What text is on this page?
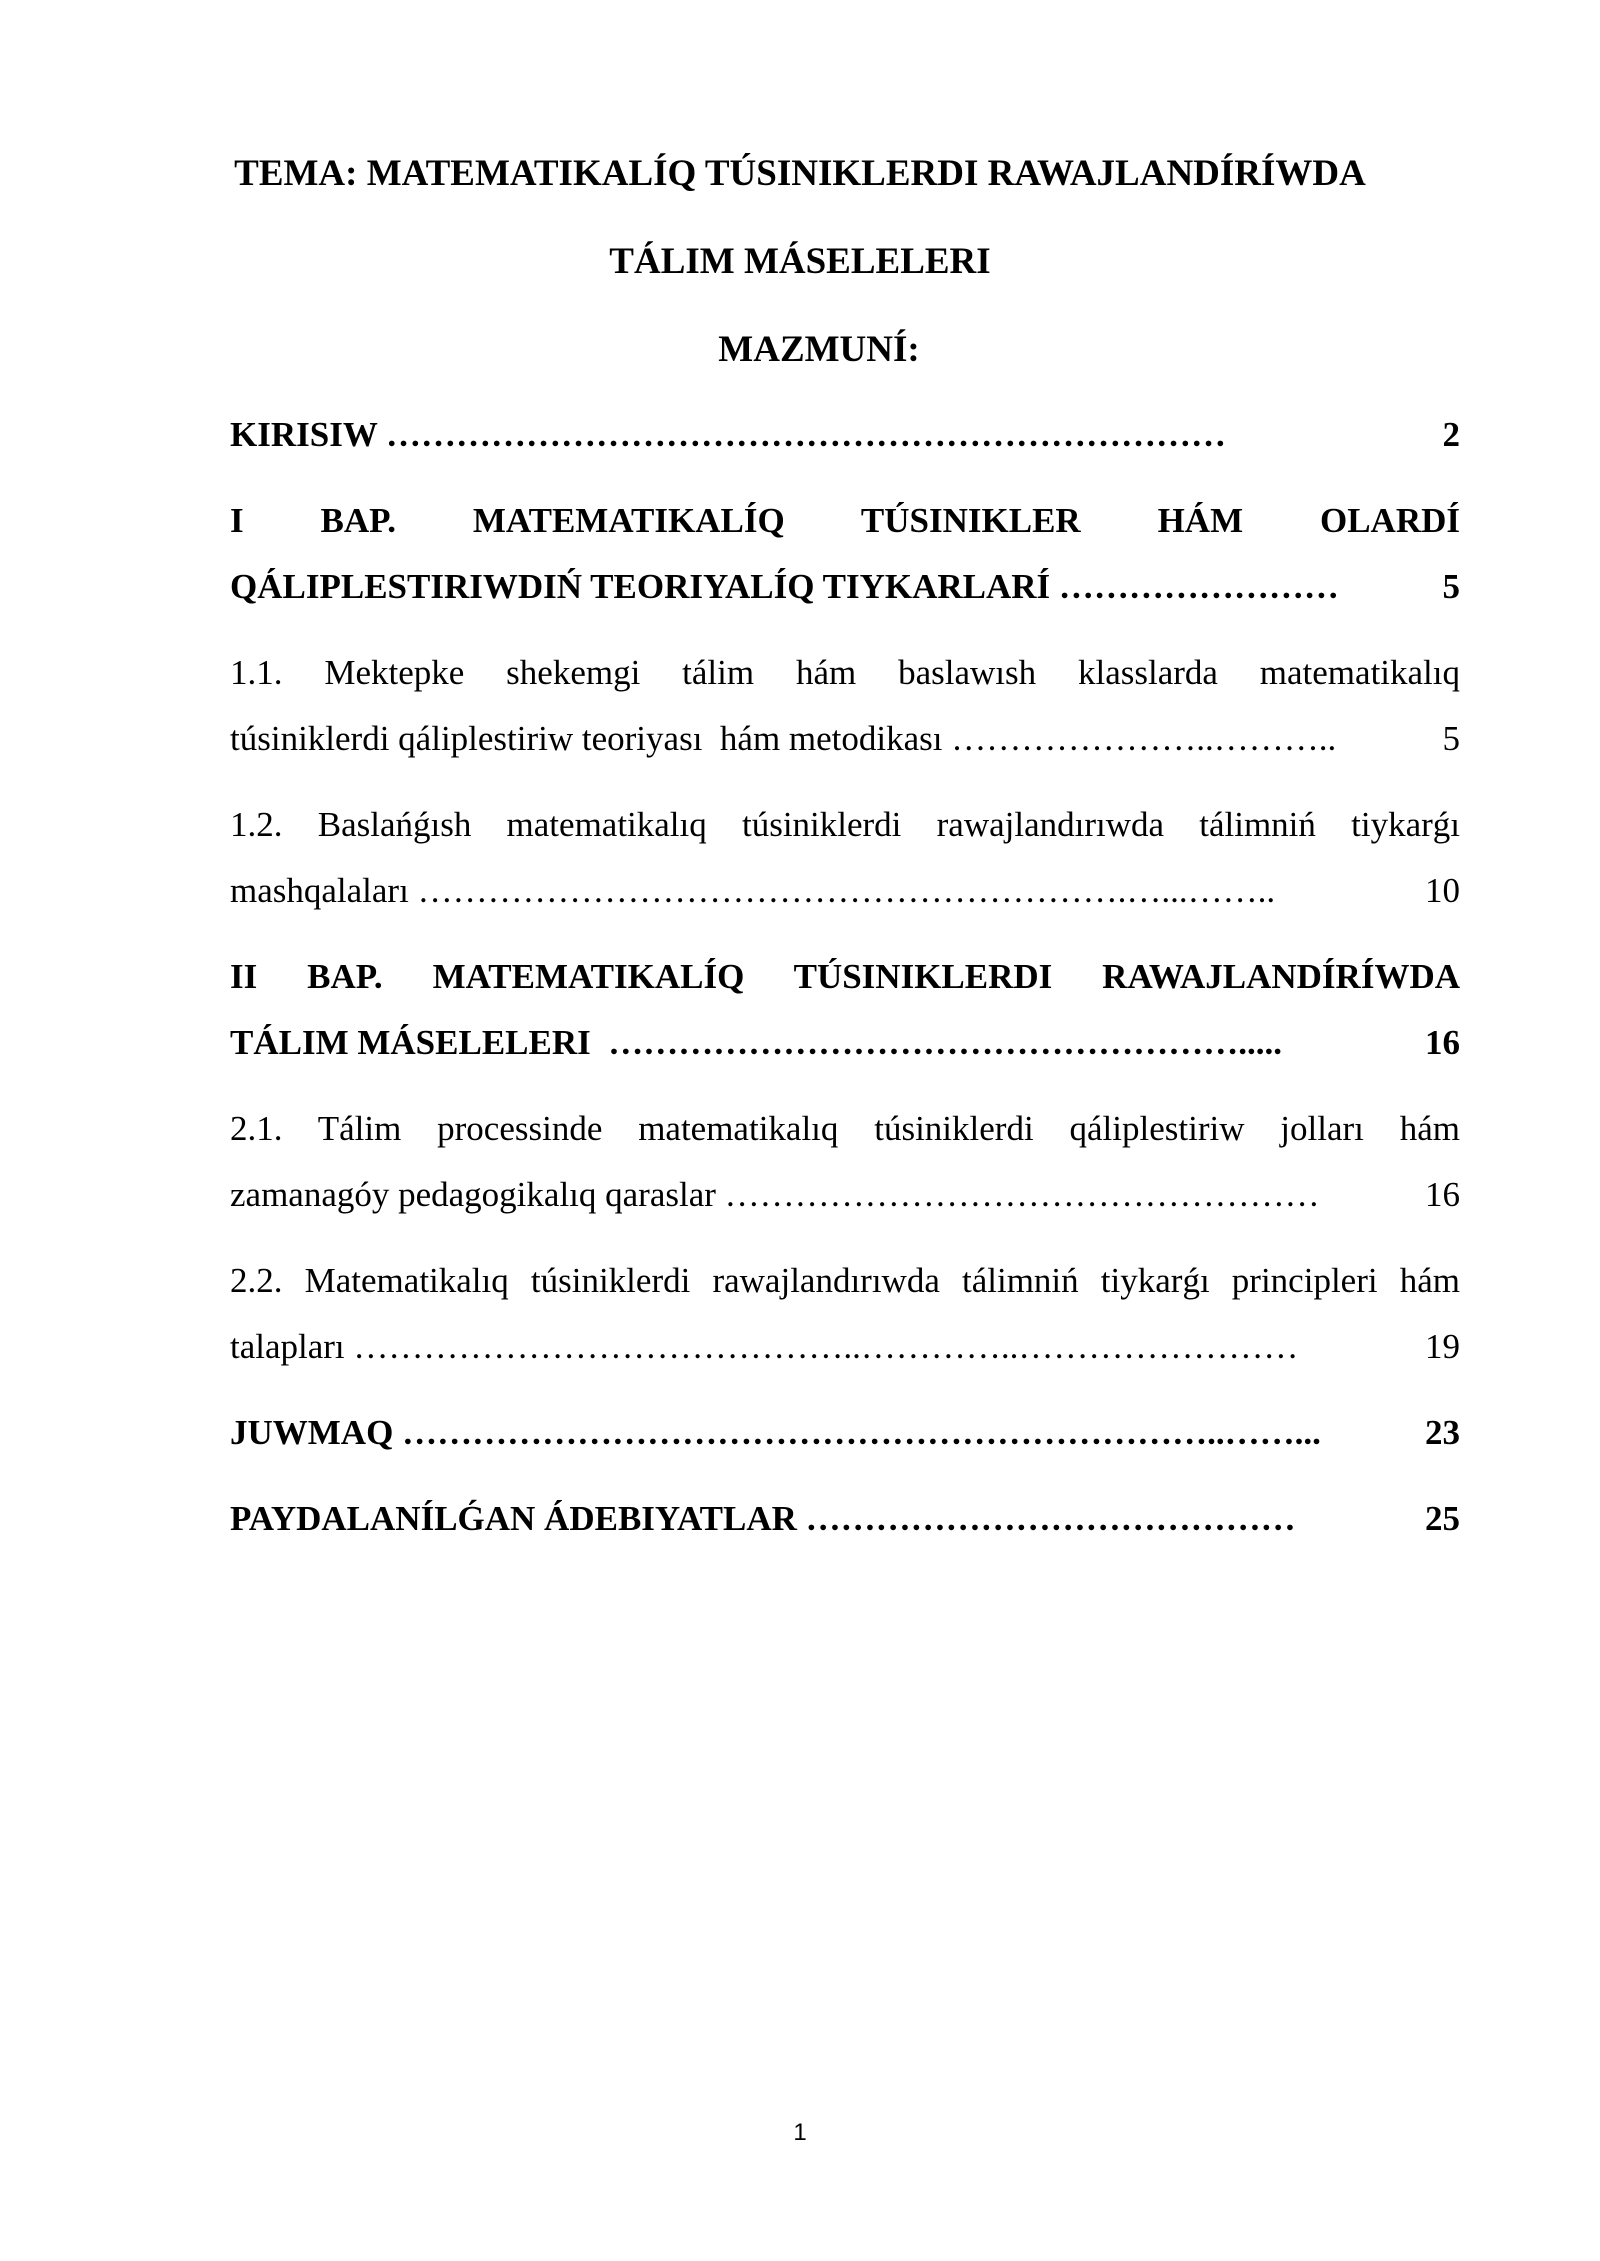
TEMA: MATEMATIKALÍQ TÚSINIKLERDI RAWAJLANDÍRÍWDA
TÁLIM MÁSELELERI
MAZMUNÍ:
KIRISIW ………………………………………………………………	2
I BAP. MATEMATIKALÍQ TÚSINIKLER HÁM OLARDÍ
QÁLIPLESTIRIWDIŃ TEORIYALÍQ TIYKARLARÍ ……………………	5
1.1. Mektepke shekemgi tálim hám baslawısh klasslarda matematikalıq
túsiniklerdi qáliplestiriw teoriyası  hám metodikası …………………..………..	5
1.2. Baslańǵısh matematikalıq túsiniklerdi rawajlandırıwda tálimniń tiykarǵı
mashqalaları …………………………………………………….…...……..	10
II BAP. MATEMATIKALÍQ TÚSINIKLERDI RAWAJLANDÍRÍWDA
TÁLIM MÁSELELERI ……………………………………………….....	16
2.1. Tálim processinde matematikalıq túsiniklerdi qáliplestiriw jolları hám
zamanagóy pedagogikalıq qaraslar ……………………………………………	16
2.2. Matematikalıq túsiniklerdi rawajlandırıwda tálimniń tiykarǵı principleri hám
talapları ……………………………………..…………..……………………	19
JUWMAQ ……………………………………………………………..……...	23
PAYDALANÍLǴAN ÁDEBIYATLAR ……………………………………	25
1
